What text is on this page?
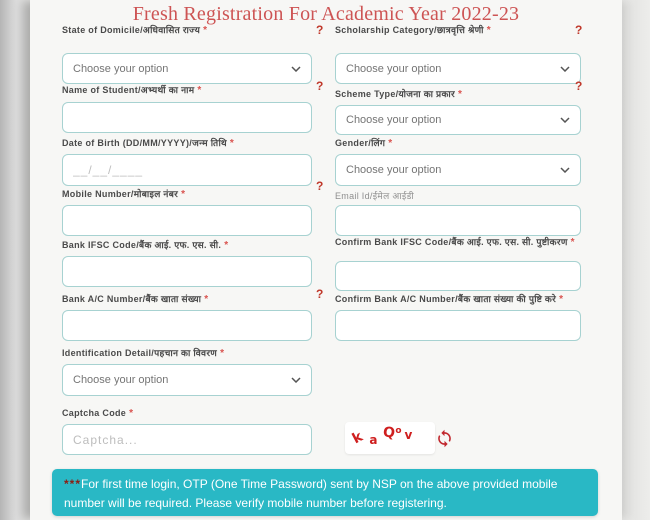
Fresh Registration For Academic Year 2022-23
State of Domicile/अधिवासित राज्य *
Choose your option
Name of Student/अभ्यर्थी का नाम *
Date of Birth (DD/MM/YYYY)/जन्म तिथि *
__/__/____
Mobile Number/मोबाइल नंबर *
Bank IFSC Code/बैंक आई. एफ. एस. सी. *
Bank A/C Number/बैंक खाता संख्या *
Identification Detail/पहचान का विवरण *
Choose your option
Captcha Code *
Captcha...
Scholarship Category/छात्रवृत्ति श्रेणी *
Choose your option
Scheme Type/योजना का प्रकार *
Choose your option
Gender/लिंग *
Choose your option
Email Id/ईमेल आईडी
Confirm Bank IFSC Code/बैंक आई. एफ. एस. सी. पुष्टीकरण *
Confirm Bank A/C Number/बैंक खाता संख्या की पुष्टि करे *
k a Q
o v
?
?
?
?
?
?
***For first time login, OTP (One Time Password) sent by NSP on the above provided mobile number will be required. Please verify mobile number before registering.
